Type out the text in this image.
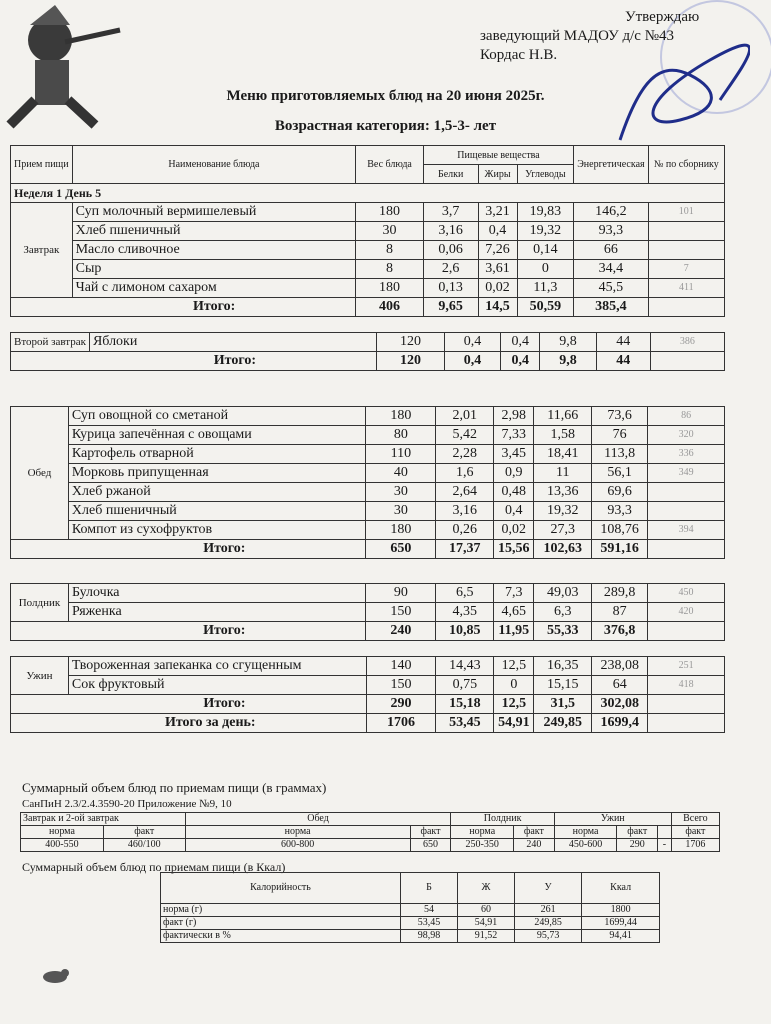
Утверждаю
заведующий МАДОУ д/с №43
Кордас Н.В.
Меню приготовляемых блюд на 20 июня 2025г.
Возрастная категория: 1,5-3- лет
Прием пищи	Наименование блюда	Вес блюда	Пищевые вещества			Энергетическая	№ по сборнику
			Белки	Жиры	Углеводы		
Неделя 1 День 5							
Завтрак	Суп молочный вермишелевый	180	3,7	3,21	19,83	146,2	101
	Хлеб пшеничный	30	3,16	0,4	19,32	93,3	
	Масло сливочное	8	0,06	7,26	0,14	66	
	Сыр	8	2,6	3,61	0	34,4	7
	Чай с лимоном сахаром	180	0,13	0,02	11,3	45,5	411
Итого:		406	9,65	14,5	50,59	385,4	
Второй завтрак	Яблоки	120	0,4	0,4	9,8	44	386
Итого:		120	0,4	0,4	9,8	44	
Обед	Суп овощной со сметаной	180	2,01	2,98	11,66	73,6	86
	Курица запечённая с овощами	80	5,42	7,33	1,58	76	320
	Картофель отварной	110	2,28	3,45	18,41	113,8	336
	Морковь припущенная	40	1,6	0,9	11	56,1	349
	Хлеб ржаной	30	2,64	0,48	13,36	69,6	
	Хлеб пшеничный	30	3,16	0,4	19,32	93,3	
	Компот из сухофруктов	180	0,26	0,02	27,3	108,76	394
Итого:		650	17,37	15,56	102,63	591,16	
Полдник	Булочка	90	6,5	7,3	49,03	289,8	450
	Ряженка	150	4,35	4,65	6,3	87	420
Итого:		240	10,85	11,95	55,33	376,8	
Ужин	Твороженная запеканка со сгущенным	140	14,43	12,5	16,35	238,08	251
	Сок фруктовый	150	0,75	0	15,15	64	418
Итого:		290	15,18	12,5	31,5	302,08	
Итого за день:		1706	53,45	54,91	249,85	1699,4	
Суммарный объем блюд по приемам пищи (в граммах)
СанПиН 2.3/2.4.3590-20 Приложение №9, 10
Завтрак и 2-ой завтрак		Обед		Полдник		Ужин			Всего
норма	факт	норма	факт	норма	факт	норма	факт		факт
400-550	460/100	600-800	650	250-350	240	450-600	290	-	1706
Суммарный объем блюд по приемам пищи (в Ккал)
Калорийность	Б	Ж	У	Ккал
норма (г)	54	60	261	1800
факт (г)	53,45	54,91	249,85	1699,44
фактически в %	98,98	91,52	95,73	94,41
